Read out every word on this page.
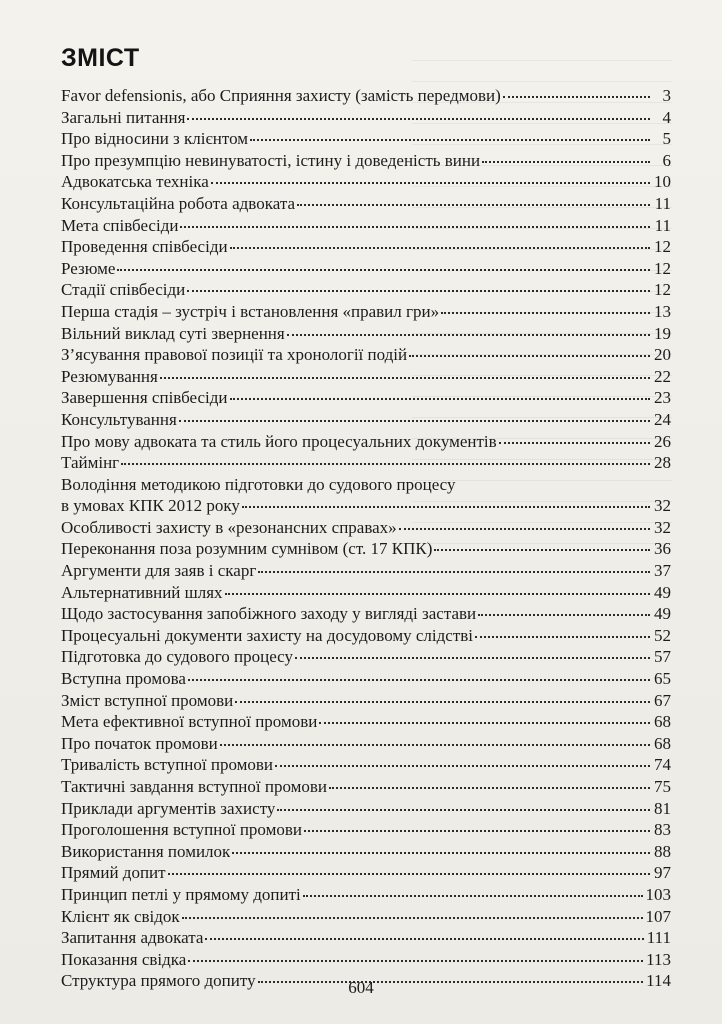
ЗМІСТ
Favor defensionis, або Сприяння захисту (замість передмови)	3
Загальні питання	4
Про відносини з клієнтом	5
Про презумпцію невинуватості, істину і доведеність вини	6
Адвокатська техніка	10
Консультаційна робота адвоката	11
Мета співбесіди	11
Проведення співбесіди	12
Резюме	12
Стадії співбесіди	12
Перша стадія – зустріч і встановлення «правил гри»	13
Вільний виклад суті звернення	19
З’ясування правової позиції та хронології подій	20
Резюмування	22
Завершення співбесіди	23
Консультування	24
Про мову адвоката та стиль його процесуальних документів	26
Таймінг	28
Володіння методикою підготовки до судового процесу
в умовах КПК 2012 року	32
Особливості захисту в «резонансних справах»	32
Переконання поза розумним сумнівом (ст. 17 КПК)	36
Аргументи для заяв і скарг	37
Альтернативний шлях	49
Щодо застосування запобіжного заходу у вигляді застави	49
Процесуальні документи захисту на досудовому слідстві	52
Підготовка до судового процесу	57
Вступна промова	65
Зміст вступної промови	67
Мета ефективної вступної промови	68
Про початок промови	68
Тривалість вступної промови	74
Тактичні завдання вступної промови	75
Приклади аргументів захисту	81
Проголошення вступної промови	83
Використання помилок	88
Прямий допит	97
Принцип петлі у прямому допиті	103
Клієнт як свідок	107
Запитання адвоката	111
Показання свідка	113
Структура прямого допиту	114
604
